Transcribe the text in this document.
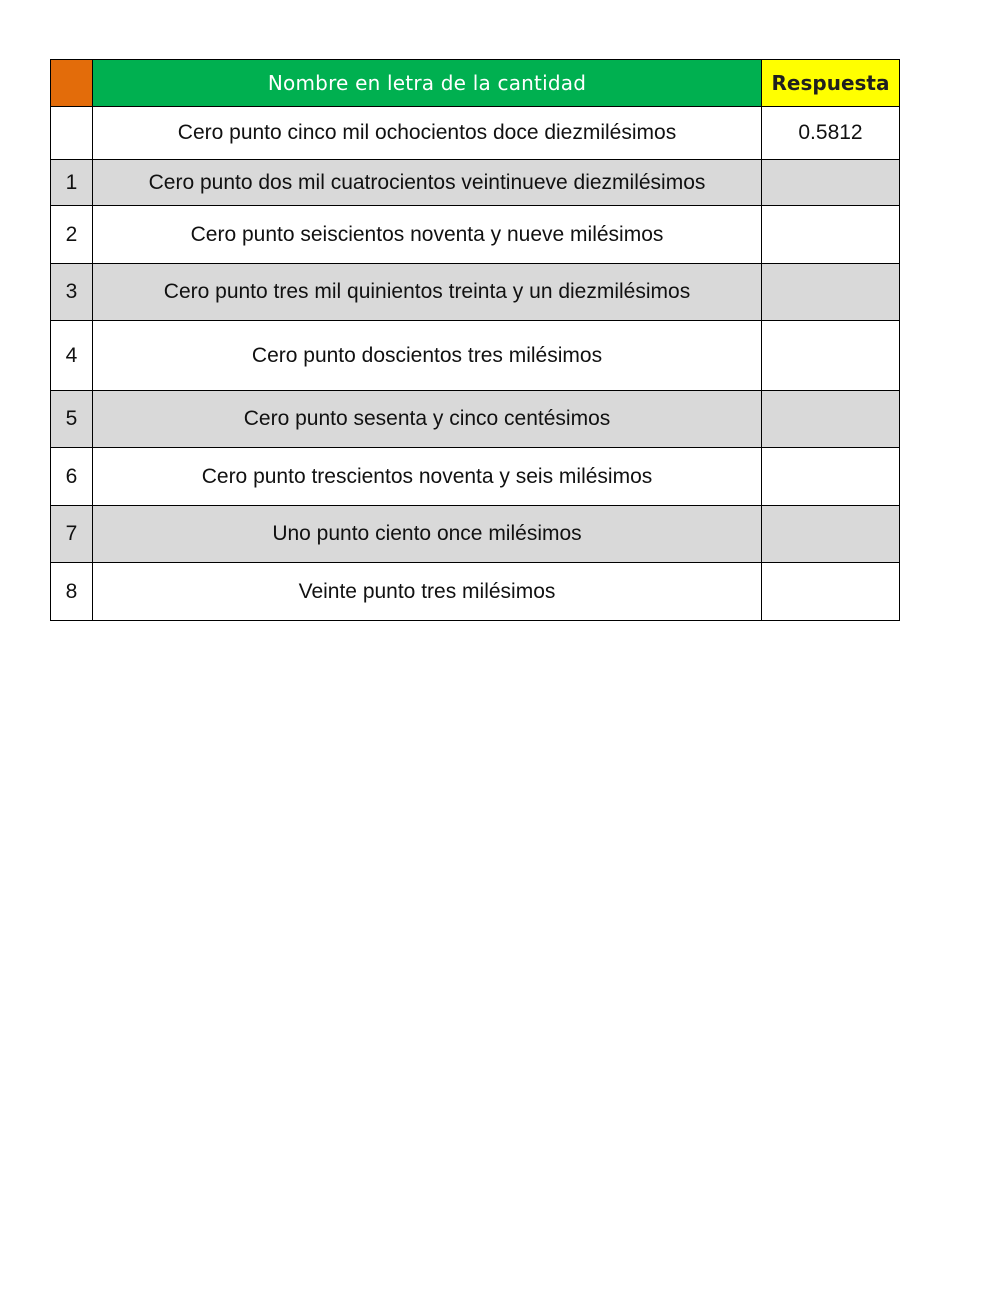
	Nombre en letra de la cantidad	Respuesta
	Cero punto cinco mil ochocientos doce diezmilésimos	0.5812
1	Cero punto dos mil cuatrocientos veintinueve diezmilésimos	
2	Cero punto seiscientos noventa y nueve milésimos	
3	Cero punto tres mil quinientos treinta y un diezmilésimos	
4	Cero punto doscientos tres milésimos	
5	Cero punto sesenta y cinco centésimos	
6	Cero punto trescientos noventa y seis milésimos	
7	Uno punto ciento once milésimos	
8	Veinte punto tres milésimos	
